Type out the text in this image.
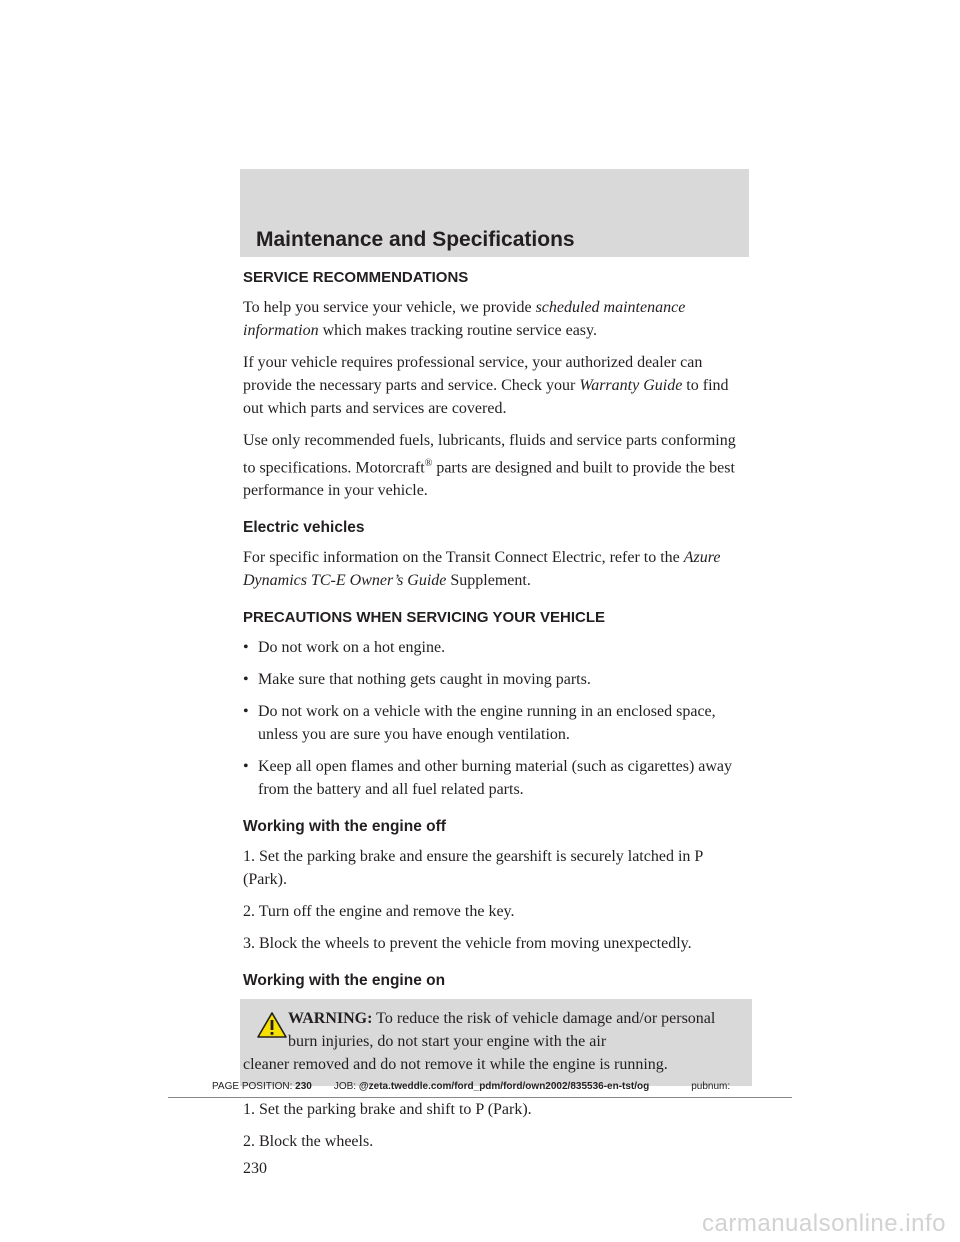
Maintenance and Specifications
SERVICE RECOMMENDATIONS

To help you service your vehicle, we provide scheduled maintenance information which makes tracking routine service easy.

If your vehicle requires professional service, your authorized dealer can provide the necessary parts and service. Check your Warranty Guide to find out which parts and services are covered.

Use only recommended fuels, lubricants, fluids and service parts conforming to specifications. Motorcraft® parts are designed and built to provide the best performance in your vehicle.

Electric vehicles

For specific information on the Transit Connect Electric, refer to the Azure Dynamics TC-E Owner’s Guide Supplement.

PRECAUTIONS WHEN SERVICING YOUR VEHICLE
• Do not work on a hot engine.
• Make sure that nothing gets caught in moving parts.
• Do not work on a vehicle with the engine running in an enclosed space, unless you are sure you have enough ventilation.
• Keep all open flames and other burning material (such as cigarettes) away from the battery and all fuel related parts.
Working with the engine off

1. Set the parking brake and ensure the gearshift is securely latched in P (Park).

2. Turn off the engine and remove the key.

3. Block the wheels to prevent the vehicle from moving unexpectedly.

Working with the engine on
WARNING: To reduce the risk of vehicle damage and/or personal burn injuries, do not start your engine with the air
cleaner removed and do not remove it while the engine is running.

1. Set the parking brake and shift to P (Park).

2. Block the wheels.

230

PAGE POSITION: 230 JOB: @zeta.tweddle.com/ford_pdm/ford/own2002/835536-en-tst/og	pubnum:
carmanualsonline.info
